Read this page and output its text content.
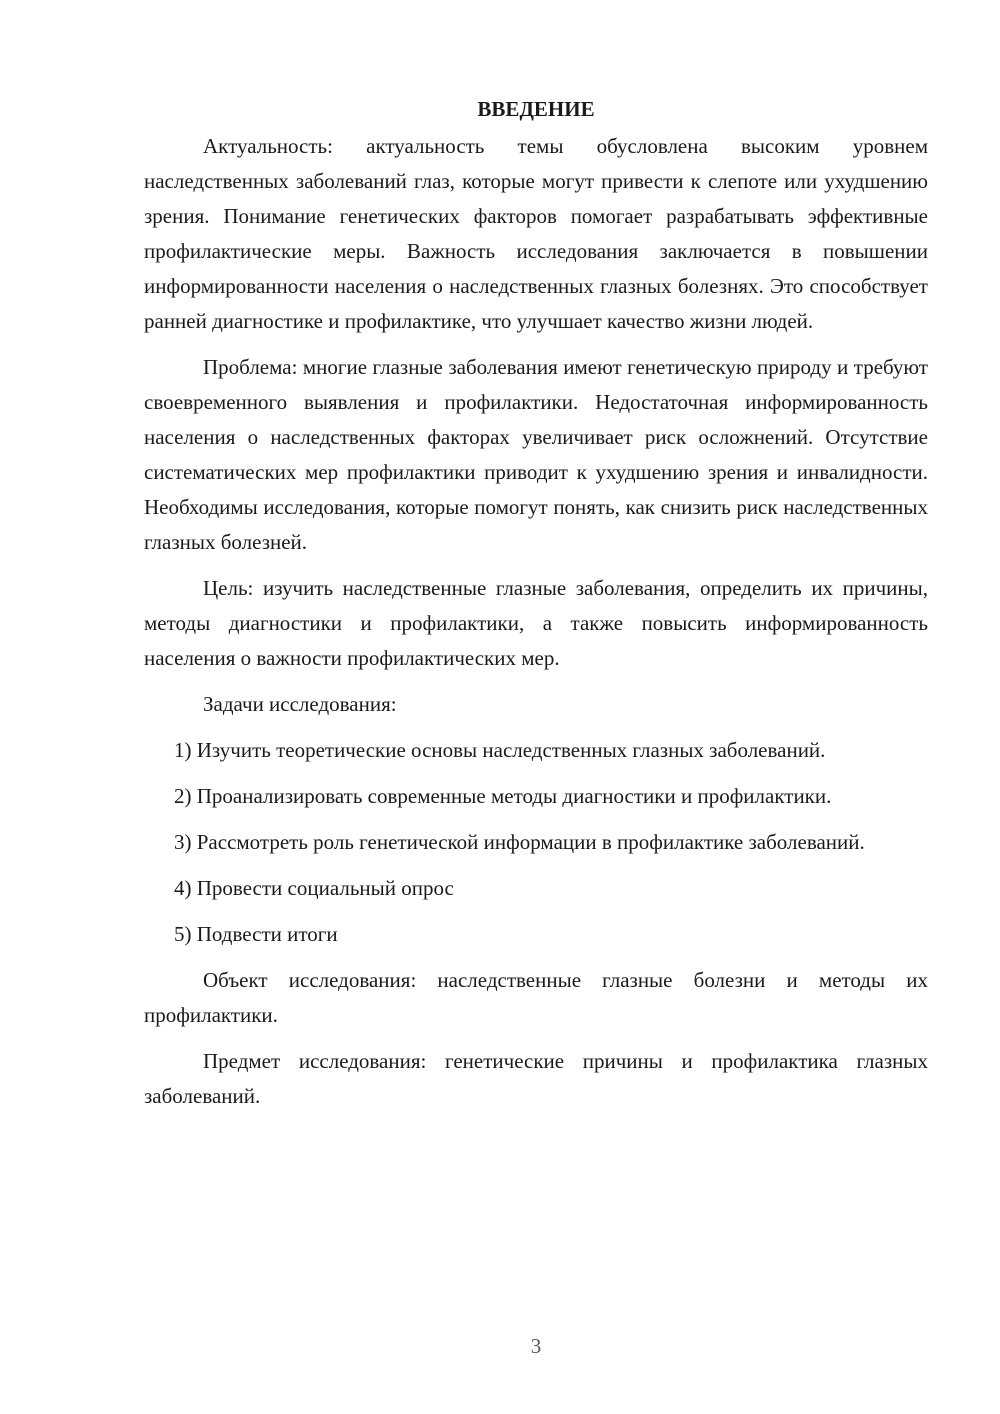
ВВЕДЕНИЕ

Актуальность: актуальность темы обусловлена высоким уровнем наследственных заболеваний глаз, которые могут привести к слепоте или ухудшению зрения. Понимание генетических факторов помогает разрабатывать эффективные профилактические меры. Важность исследования заключается в повышении информированности населения о наследственных глазных болезнях. Это способствует ранней диагностике и профилактике, что улучшает качество жизни людей.

Проблема: многие глазные заболевания имеют генетическую природу и требуют своевременного выявления и профилактики. Недостаточная информированность населения о наследственных факторах увеличивает риск осложнений. Отсутствие систематических мер профилактики приводит к ухудшению зрения и инвалидности. Необходимы исследования, которые помогут понять, как снизить риск наследственных глазных болезней.

Цель: изучить наследственные глазные заболевания, определить их причины, методы диагностики и профилактики, а также повысить информированность населения о важности профилактических мер.

Задачи исследования:

1) Изучить теоретические основы наследственных глазных заболеваний.

2) Проанализировать современные методы диагностики и профилактики.

3) Рассмотреть роль генетической информации в профилактике заболеваний.

4) Провести социальный опрос

5) Подвести итоги

Объект исследования: наследственные глазные болезни и методы их профилактики.

Предмет исследования: генетические причины и профилактика глазных заболеваний.

3
